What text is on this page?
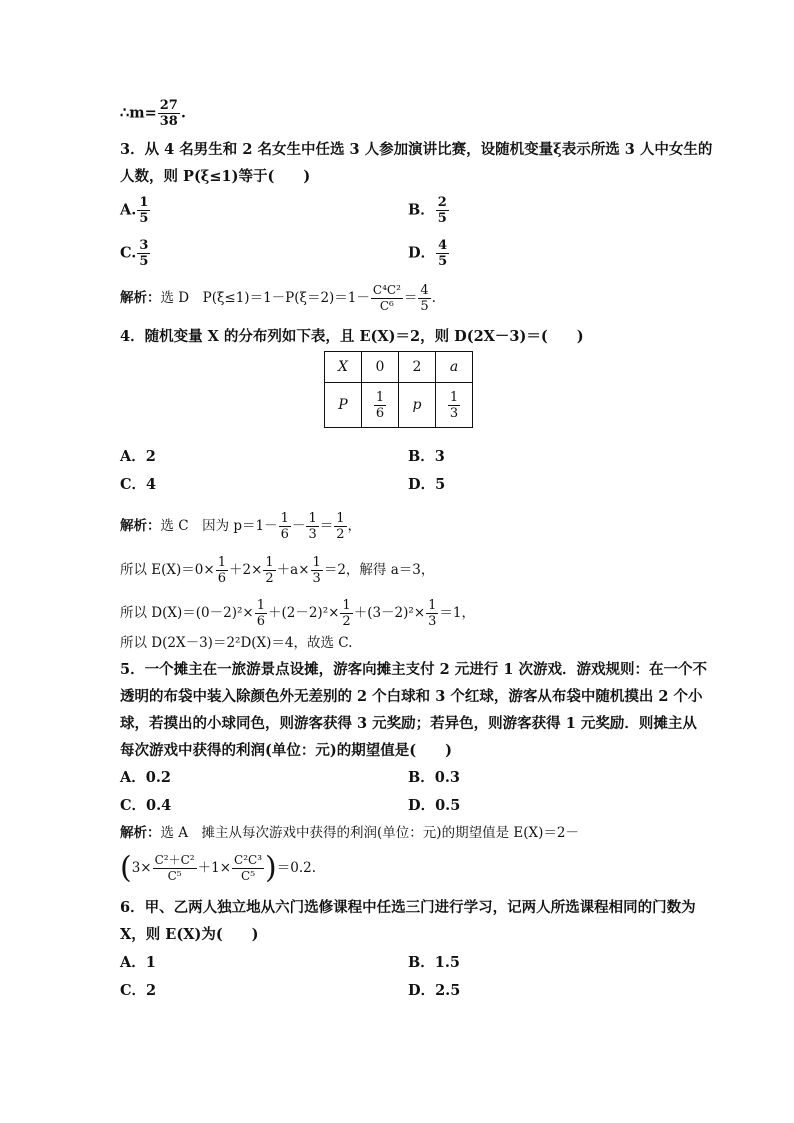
∴m= $\frac{27}{38}$ .
3．从 4 名男生和 2 名女生中任选 3 人参加演讲比赛，设随机变量ξ表示所选 3 人中女生的
人数，则 P(ξ≤1)等于(　　)
A. $\frac{1}{5}$	B． $\frac{2}{5}$
C. $\frac{3}{5}$	D． $\frac{4}{5}$
解析：选 D　$P(\xi\le 1)=1-P(\xi=2)=1- \frac{\text{C⁴C²}}{\text{C⁶}} = \frac{4}{5}$ .
4．随机变量 X 的分布列如下表，且 E(X)＝2，则 D(2X－3)＝(　　)
X	0	2	a
P	$\frac{1}{6}$	p	$\frac{1}{3}$
A．2	B．3
C．4	D．5
解析：选 C　因为 $p=1- \frac{1}{6} - \frac{1}{3} = \frac{1}{2}$ ，
所以 $E(X)=0\times \frac{1}{6} +2\times \frac{1}{2} +a\times \frac{1}{3} =2$，解得 a＝3，
所以 $D(X)=(0-2)^2\times \frac{1}{6} +(2-2)^2\times \frac{1}{2} +(3-2)^2\times \frac{1}{3} =1$，
所以 D(2X－3)＝2²D(X)＝4，故选 C.
5．一个摊主在一旅游景点设摊，游客向摊主支付 2 元进行 1 次游戏．游戏规则：在一个不
透明的布袋中装入除颜色外无差别的 2 个白球和 3 个红球，游客从布袋中随机摸出 2 个小
球，若摸出的小球同色，则游客获得 3 元奖励；若异色，则游客获得 1 元奖励．则摊主从
每次游戏中获得的利润(单位：元)的期望值是(　　)
A．0.2	B．0.3
C．0.4	D．0.5
解析：选 A　摊主从每次游戏中获得的利润(单位：元)的期望值是 E(X)＝2－
$(3\times \frac{\text{C²＋C²}}{\text{C⁵}} +1\times \frac{\text{C²C³}}{\text{C⁵}} )=0.2$.
6．甲、乙两人独立地从六门选修课程中任选三门进行学习，记两人所选课程相同的门数为
X，则 E(X)为(　　)
A．1	B．1.5
C．2	D．2.5
